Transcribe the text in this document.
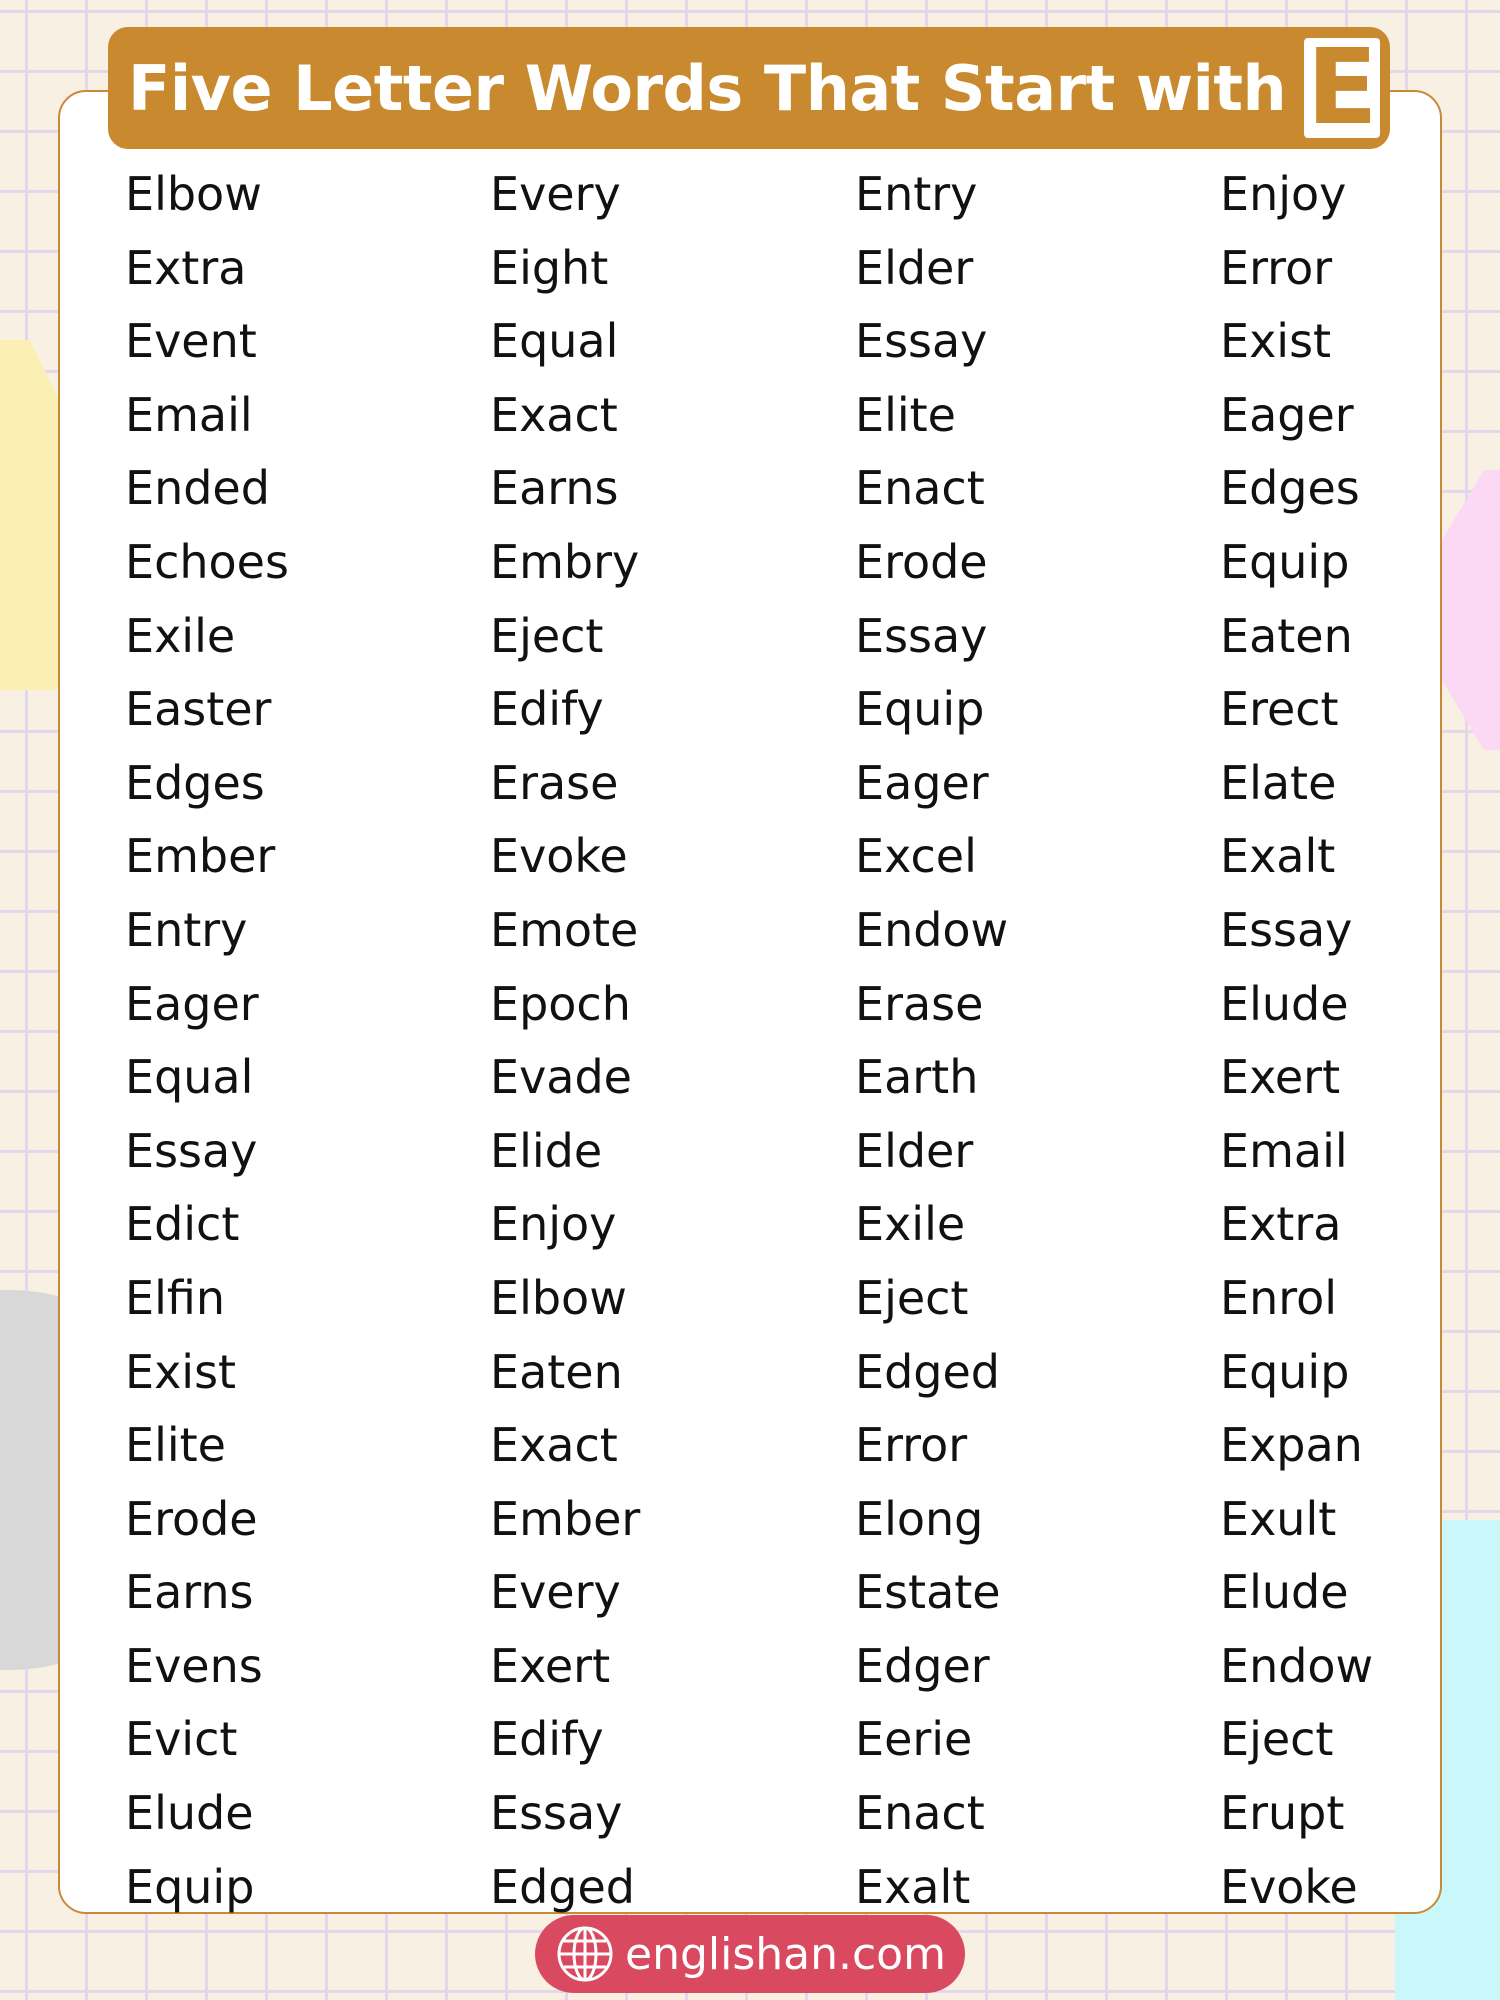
Five Letter Words That Start with E
Elbow	Every	Entry	Enjoy
Extra	Eight	Elder	Error
Event	Equal	Essay	Exist
Email	Exact	Elite	Eager
Ended	Earns	Enact	Edges
Echoes	Embry	Erode	Equip
Exile	Eject	Essay	Eaten
Easter	Edify	Equip	Erect
Edges	Erase	Eager	Elate
Ember	Evoke	Excel	Exalt
Entry	Emote	Endow	Essay
Eager	Epoch	Erase	Elude
Equal	Evade	Earth	Exert
Essay	Elide	Elder	Email
Edict	Enjoy	Exile	Extra
Elfin	Elbow	Eject	Enrol
Exist	Eaten	Edged	Equip
Elite	Exact	Error	Expan
Erode	Ember	Elong	Exult
Earns	Every	Estate	Elude
Evens	Exert	Edger	Endow
Evict	Edify	Eerie	Eject
Elude	Essay	Enact	Erupt
Equip	Edged	Exalt	Evoke
englishan.com
